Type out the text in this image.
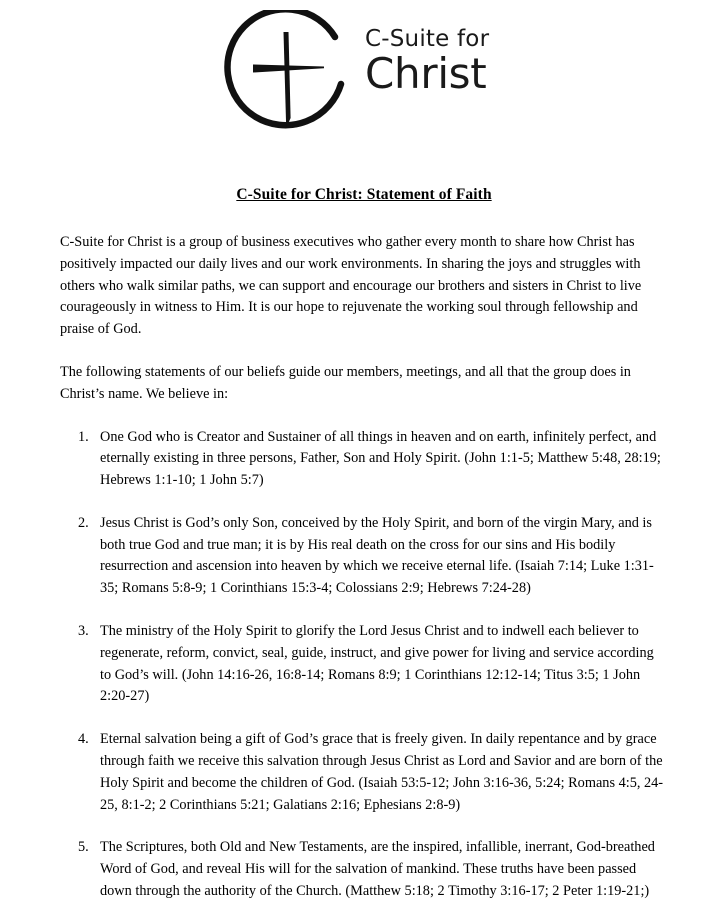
C-Suite for
Christ
C-Suite for Christ: Statement of Faith

C-Suite for Christ is a group of business executives who gather every month to share how Christ has positively impacted our daily lives and our work environments. In sharing the joys and struggles with others who walk similar paths, we can support and encourage our brothers and sisters in Christ to live courageously in witness to Him. It is our hope to rejuvenate the working soul through fellowship and praise of God.

The following statements of our beliefs guide our members, meetings, and all that the group does in Christ’s name. We believe in:

One God who is Creator and Sustainer of all things in heaven and on earth, infinitely perfect, and eternally existing in three persons, Father, Son and Holy Spirit. (John 1:1-5; Matthew 5:48, 28:19; Hebrews 1:1-10; 1 John 5:7)
Jesus Christ is God’s only Son, conceived by the Holy Spirit, and born of the virgin Mary, and is both true God and true man; it is by His real death on the cross for our sins and His bodily resurrection and ascension into heaven by which we receive eternal life. (Isaiah 7:14; Luke 1:31-35; Romans 5:8-9; 1 Corinthians 15:3-4; Colossians 2:9; Hebrews 7:24-28)
The ministry of the Holy Spirit to glorify the Lord Jesus Christ and to indwell each believer to regenerate, reform, convict, seal, guide, instruct, and give power for living and service according to God’s will. (John 14:16-26, 16:8-14; Romans 8:9; 1 Corinthians 12:12-14; Titus 3:5; 1 John 2:20-27)
Eternal salvation being a gift of God’s grace that is freely given. In daily repentance and by grace through faith we receive this salvation through Jesus Christ as Lord and Savior and are born of the Holy Spirit and become the children of God. (Isaiah 53:5-12; John 3:16-36, 5:24; Romans 4:5, 24-25, 8:1-2; 2 Corinthians 5:21; Galatians 2:16; Ephesians 2:8-9)
The Scriptures, both Old and New Testaments, are the inspired, infallible, inerrant, God-breathed Word of God, and reveal His will for the salvation of mankind. These truths have been passed down through the authority of the Church. (Matthew 5:18; 2 Timothy 3:16-17; 2 Peter 1:19-21;)
